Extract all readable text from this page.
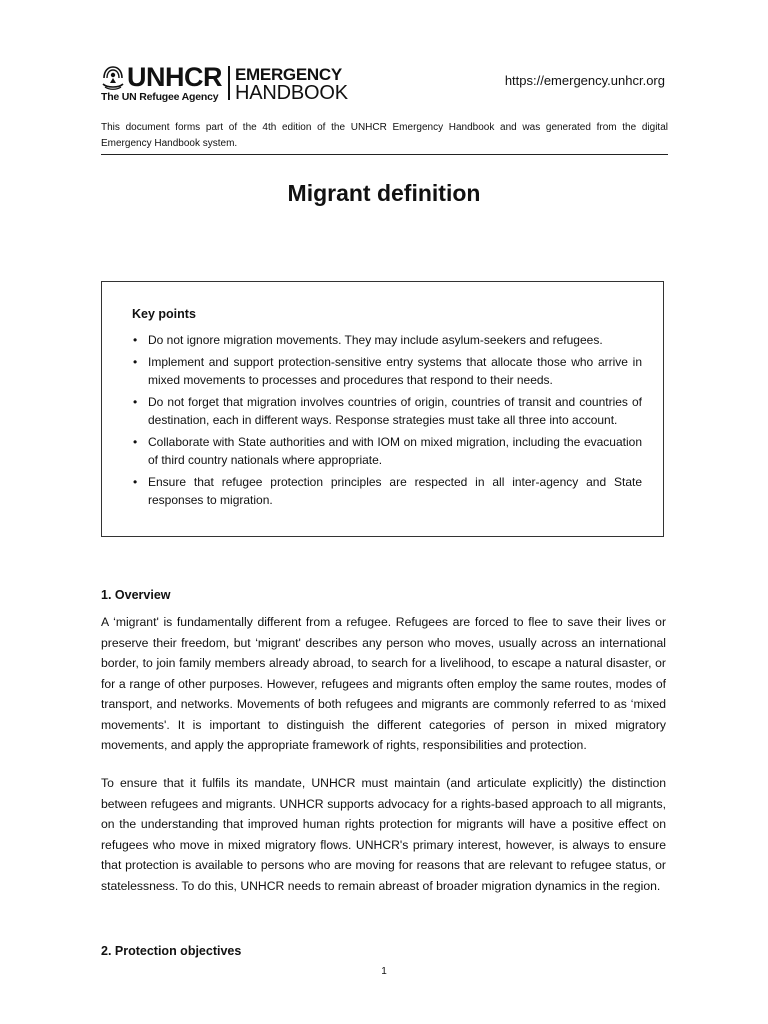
UNHCR
The UN Refugee Agency
EMERGENCY
HANDBOOK
https://emergency.unhcr.org
This document forms part of the 4th edition of the UNHCR Emergency Handbook and was generated from the digital Emergency Handbook system.
Migrant definition
Key points
• Do not ignore migration movements. They may include asylum-seekers and refugees.
• Implement and support protection-sensitive entry systems that allocate those who arrive in mixed movements to processes and procedures that respond to their needs.
• Do not forget that migration involves countries of origin, countries of transit and countries of destination, each in different ways. Response strategies must take all three into account.
• Collaborate with State authorities and with IOM on mixed migration, including the evacuation of third country nationals where appropriate.
• Ensure that refugee protection principles are respected in all inter-agency and State responses to migration.
1. Overview
A ‘migrant' is fundamentally different from a refugee. Refugees are forced to flee to save their lives or preserve their freedom, but ‘migrant' describes any person who moves, usually across an international border, to join family members already abroad, to search for a livelihood, to escape a natural disaster, or for a range of other purposes. However, refugees and migrants often employ the same routes, modes of transport, and networks. Movements of both refugees and migrants are commonly referred to as ‘mixed movements'. It is important to distinguish the different categories of person in mixed migratory movements, and apply the appropriate framework of rights, responsibilities and protection.
To ensure that it fulfils its mandate, UNHCR must maintain (and articulate explicitly) the distinction between refugees and migrants. UNHCR supports advocacy for a rights-based approach to all migrants, on the understanding that improved human rights protection for migrants will have a positive effect on refugees who move in mixed migratory flows. UNHCR's primary interest, however, is always to ensure that protection is available to persons who are moving for reasons that are relevant to refugee status, or statelessness. To do this, UNHCR needs to remain abreast of broader migration dynamics in the region.
2. Protection objectives
1
